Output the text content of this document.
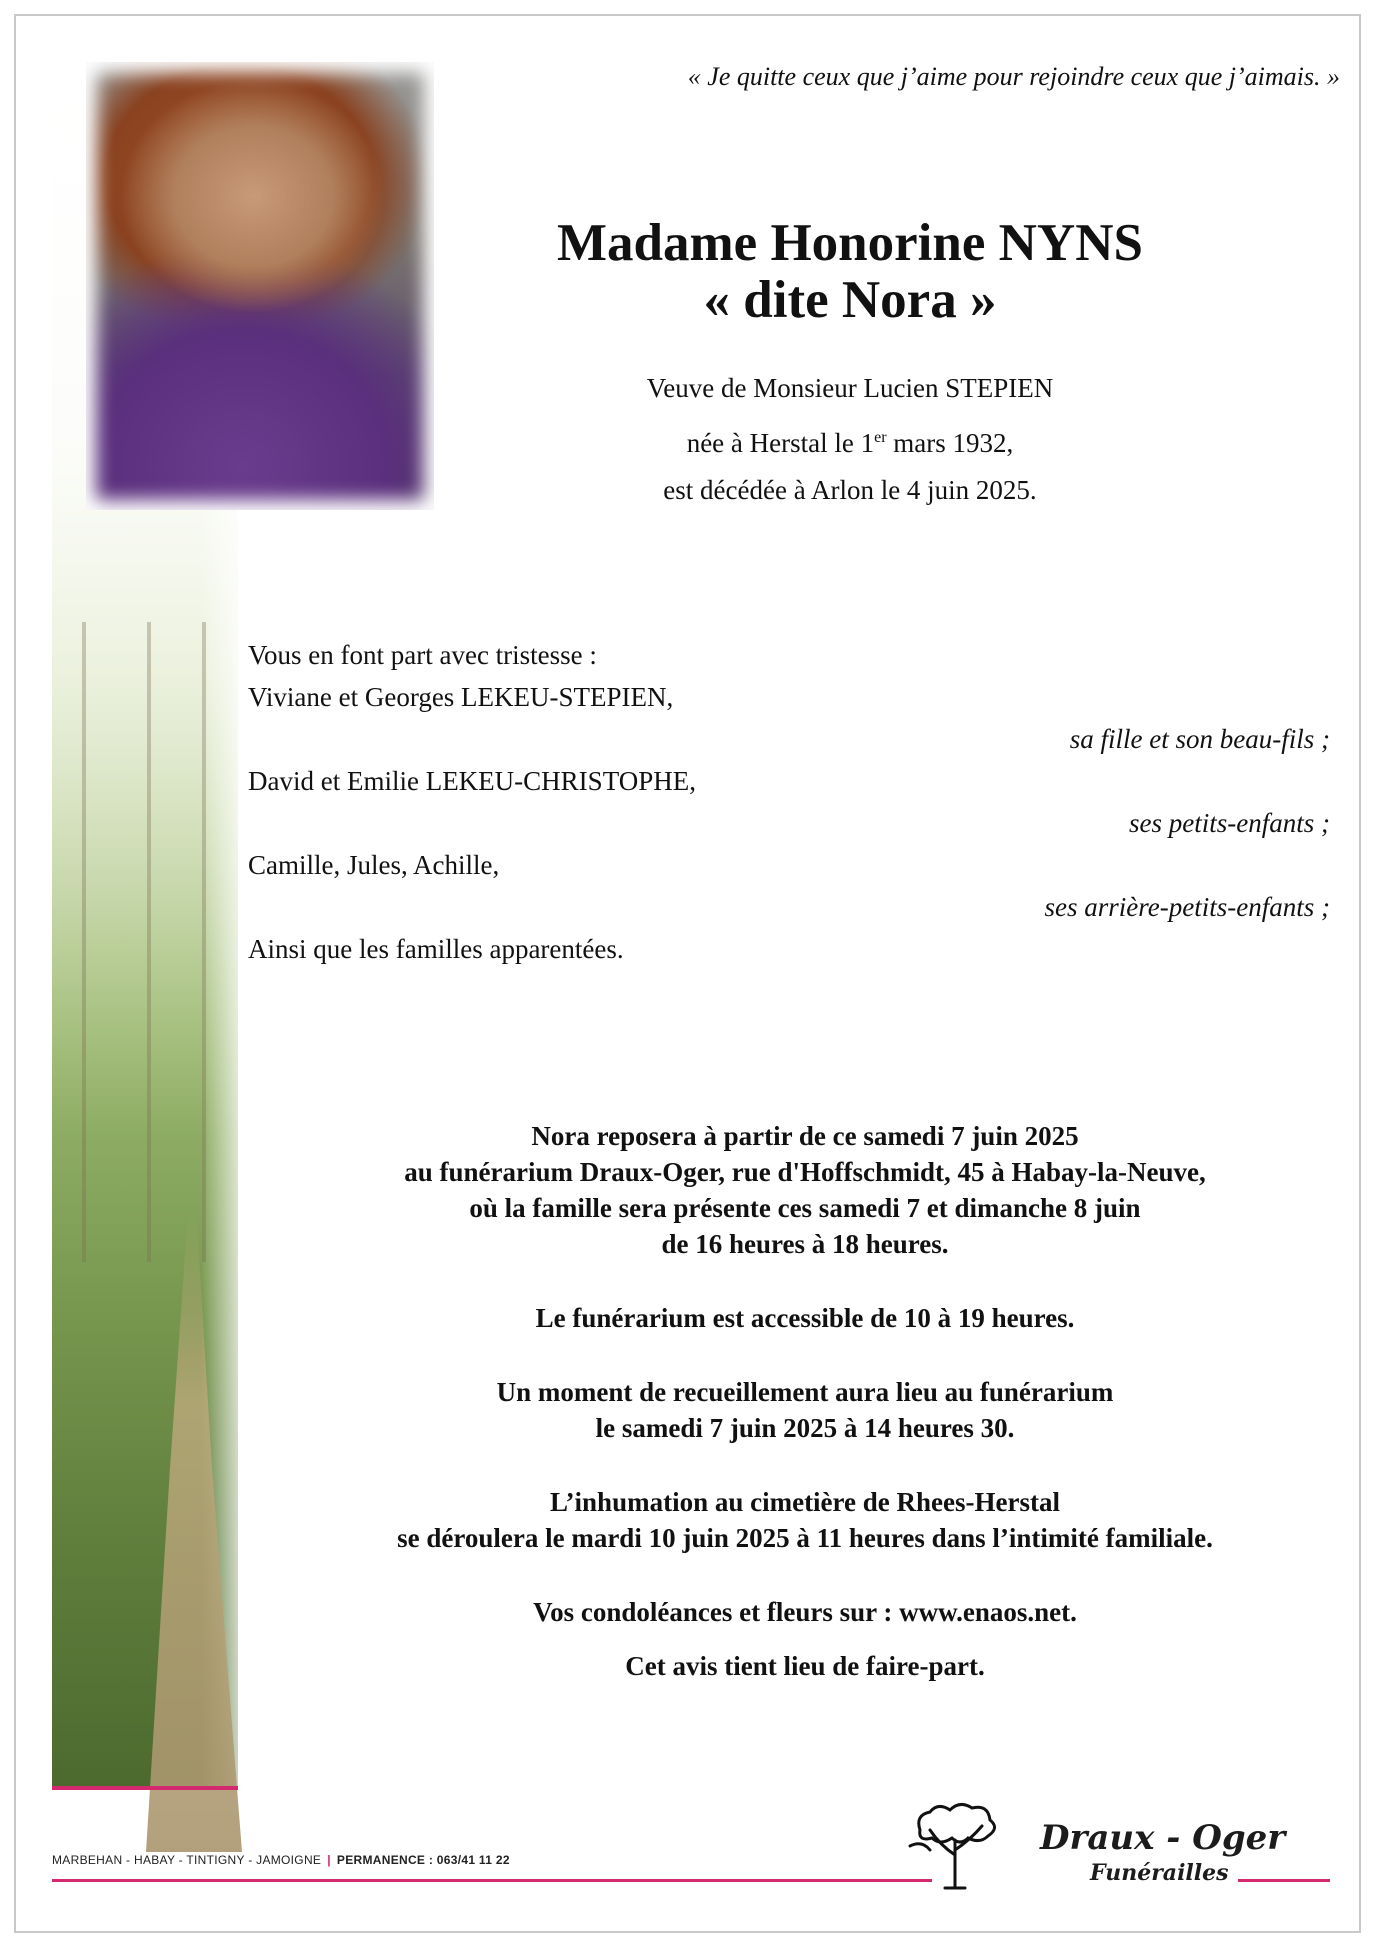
« Je quitte ceux que j’aime pour rejoindre ceux que j’aimais. »
Madame Honorine NYNS
« dite Nora »
Veuve de Monsieur Lucien STEPIEN
née à Herstal le 1er mars 1932,
est décédée à Arlon le 4 juin 2025.
Vous en font part avec tristesse :
Viviane et Georges LEKEU-STEPIEN,
sa fille et son beau-fils ;
David et Emilie LEKEU-CHRISTOPHE,
ses petits-enfants ;
Camille, Jules, Achille,
ses arrière-petits-enfants ;
Ainsi que les familles apparentées.

Nora reposera à partir de ce samedi 7 juin 2025

au funérarium Draux-Oger, rue d'Hoffschmidt, 45 à Habay-la-Neuve,

où la famille sera présente ces samedi 7 et dimanche 8 juin

de 16 heures à 18 heures.

Le funérarium est accessible de 10 à 19 heures.

Un moment de recueillement aura lieu au funérarium

le samedi 7 juin 2025 à 14 heures 30.

L’inhumation au cimetière de Rhees-Herstal

se déroulera le mardi 10 juin 2025 à 11 heures dans l’intimité familiale.

Vos condoléances et fleurs sur : www.enaos.net.

Cet avis tient lieu de faire-part.

MARBEHAN - HABAY - TINTIGNY - JAMOIGNE | PERMANENCE : 063/41 11 22
Draux - Oger
Funérailles
